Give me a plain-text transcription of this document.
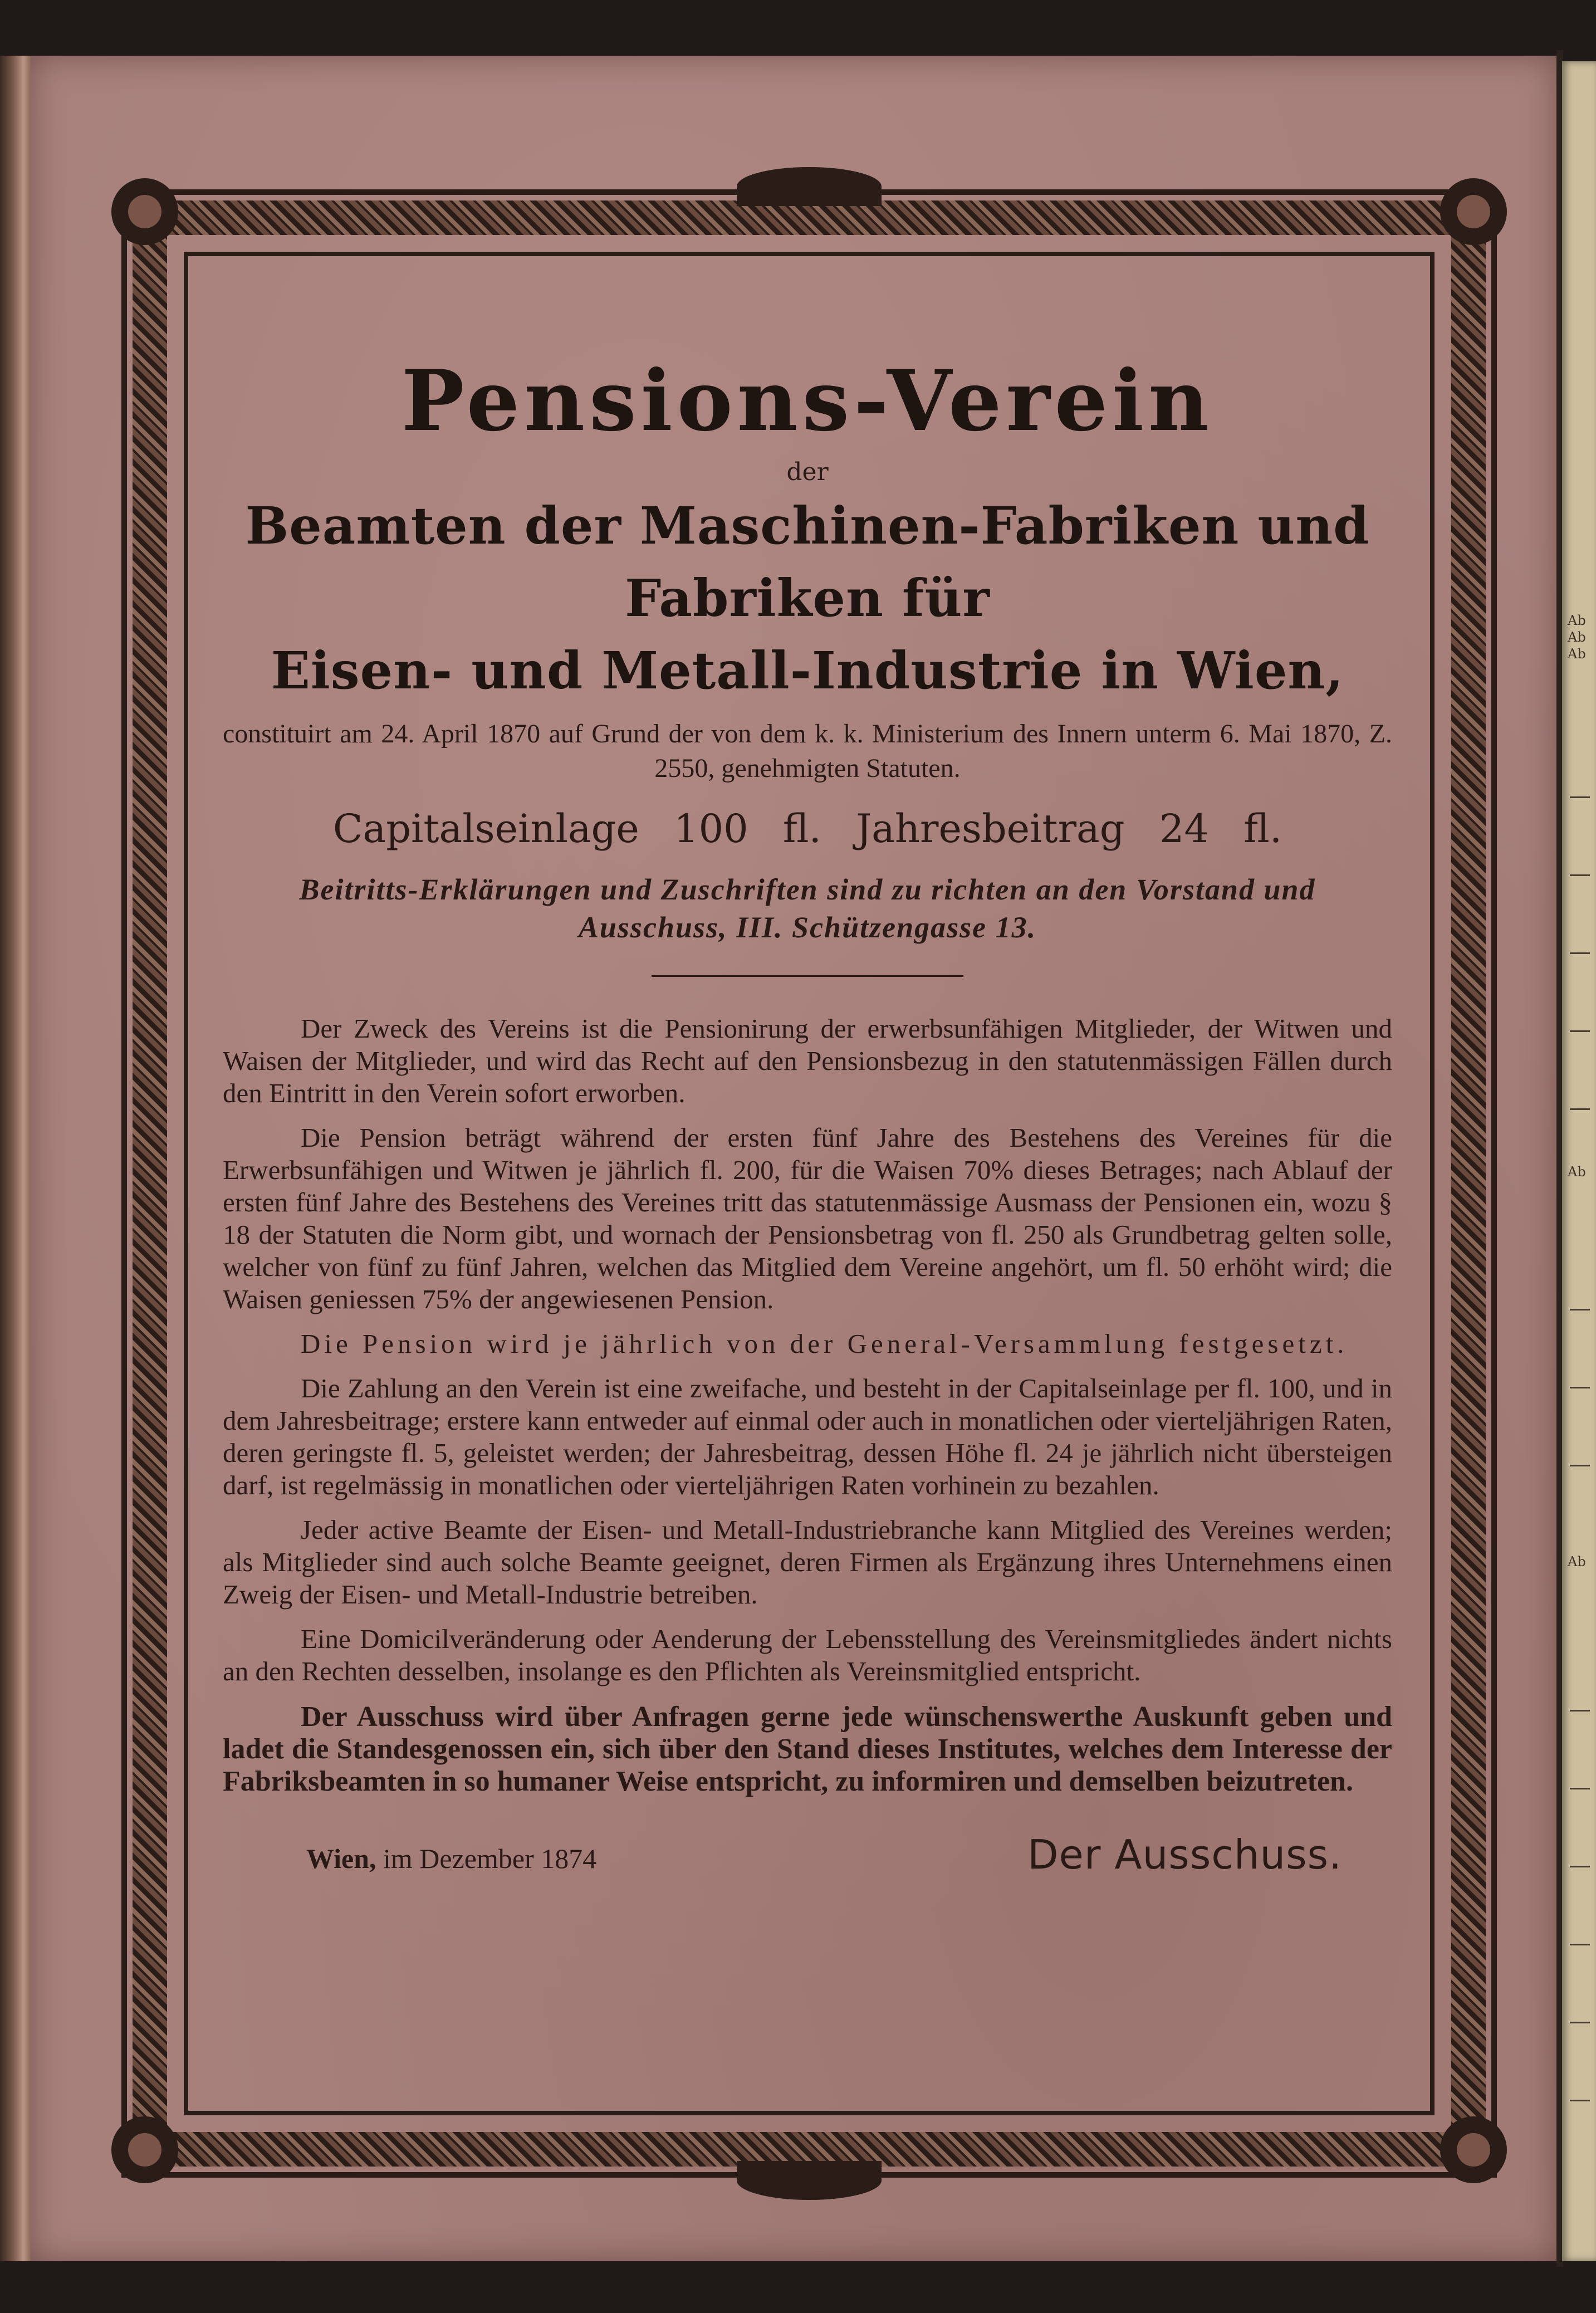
Pensions-Verein
der
Beamten der Maschinen-Fabriken und Fabriken für
Eisen- und Metall-Industrie in Wien,
constituirt am 24. April 1870 auf Grund der von dem k. k. Ministerium des Innern unterm 6. Mai 1870, Z. 2550, genehmigten Statuten.
Capitalseinlage 100 fl. Jahresbeitrag 24 fl.
Beitritts-Erklärungen und Zuschriften sind zu richten an den Vorstand und Ausschuss, III. Schützengasse 13.

Der Zweck des Vereins ist die Pensionirung der erwerbsunfähigen Mitglieder, der Witwen und Waisen der Mitglieder, und wird das Recht auf den Pensionsbezug in den statutenmässigen Fällen durch den Eintritt in den Verein sofort erworben.

Die Pension beträgt während der ersten fünf Jahre des Bestehens des Vereines für die Erwerbsunfähigen und Witwen je jährlich fl. 200, für die Waisen 70% dieses Betrages; nach Ablauf der ersten fünf Jahre des Bestehens des Vereines tritt das statutenmässige Ausmass der Pensionen ein, wozu § 18 der Statuten die Norm gibt, und wornach der Pensionsbetrag von fl. 250 als Grundbetrag gelten solle, welcher von fünf zu fünf Jahren, welchen das Mitglied dem Vereine angehört, um fl. 50 erhöht wird; die Waisen geniessen 75% der angewiesenen Pension.

Die Pension wird je jährlich von der General-Versammlung festgesetzt.

Die Zahlung an den Verein ist eine zweifache, und besteht in der Capitalseinlage per fl. 100, und in dem Jahresbeitrage; erstere kann entweder auf einmal oder auch in monatlichen oder vierteljährigen Raten, deren geringste fl. 5, geleistet werden; der Jahresbeitrag, dessen Höhe fl. 24 je jährlich nicht übersteigen darf, ist regelmässig in monatlichen oder vierteljährigen Raten vorhinein zu bezahlen.

Jeder active Beamte der Eisen- und Metall-Industriebranche kann Mitglied des Vereines werden; als Mitglieder sind auch solche Beamte geeignet, deren Firmen als Ergänzung ihres Unternehmens einen Zweig der Eisen- und Metall-Industrie betreiben.

Eine Domicilveränderung oder Aenderung der Lebensstellung des Vereinsmitgliedes ändert nichts an den Rechten desselben, insolange es den Pflichten als Vereinsmitglied entspricht.

Der Ausschuss wird über Anfragen gerne jede wünschenswerthe Auskunft geben und ladet die Standesgenossen ein, sich über den Stand dieses Institutes, welches dem Interesse der Fabriksbeamten in so humaner Weise entspricht, zu informiren und demselben beizutreten.

Wien, im Dezember 1874	Der Ausschuss.
Ab
Ab
Ab
Ab
Ab
